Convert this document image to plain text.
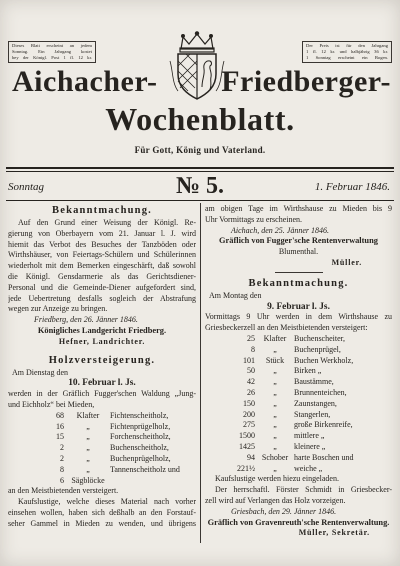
Dieses Blatt erscheint an jedem
Sonntag. Ein Jahrgang kostet
bey der Königl. Post 1 fl. 12 kr.
Der Preis ist für den Jahrgang
1 fl. 12 kr. und halbjährig 36 kr.
1 Sonntag erscheint ein Bogen.
Aichacher- Friedberger-
Wochenblatt.
Für Gott, König und Vaterland.
Sonntag	№ 5.	1. Februar 1846.
Bekanntmachung.
Auf den Grund einer Weisung der Königl. Re-
gierung von Oberbayern vom 21. Januar l. J. wird
hiemit das Verbot des Besuches der Tanzböden oder
Wirthshäuser, von Feiertags-Schülern und Schülerinnen
wiederholt mit dem Bemerken eingeschärft, daß sowohl
die Königl. Gensdarmerie als das Gerichtsdiener-
Personal und die Gemeinde-Diener aufgefordert sind,
jede Uebertretung desfalls sogleich der Abstrafung
wegen zur Anzeige zu bringen.
Friedberg, den 26. Jänner 1846.
Königliches Landgericht Friedberg.
Hefner, Landrichter.
Holzversteigerung.
Am Dienstag den
10. Februar l. Js.
werden in der Gräflich Fugger'schen Waldung „Jung-
und Eichholz“ bei Mieden,
68	Klafter	Fichtenscheitholz,
16	„	Fichtenprügelholz,
15	„	Forchenscheitholz,
2	„	Buchenscheitholz,
2	„	Buchenprügelholz,
8	„	Tannenscheitholz und
6 Sägblöcke
an den Meistbietenden versteigert.
Kaufslustige, welche dieses Material nach vorher
einsehen wollen, haben sich deßhalb an den Forstauf-
seher Gammel in Mieden zu wenden, und übrigens
am obigen Tage im Wirthshause zu Mieden bis 9
Uhr Vormittags zu erscheinen.
Aichach, den 25. Jänner 1846.
Gräflich von Fugger'sche Rentenverwaltung
Blumenthal.
Müller.
Bekanntmachung.
Am Montag den
9. Februar l. Js.
Vormittags 9 Uhr werden in dem Wirthshause zu
Griesbeckerzell an den Meistbietenden versteigert:
25	Klafter Buchenscheiter,
8	„	Buchenprügel,
101	Stück	Buchen Werkholz,
50	„	Birken „
42	„	Baustämme,
26	„	Brunnenteichen,
150	„	Zaunstangen,
200	„	Stangerlen,
275	„	große Birkenreife,
1500	„	mittlere „
1425	„	kleinere „
94 Schober harte Boschen und
221½	„	weiche „
Kaufslustige werden hiezu eingeladen.
Der herrschaftl. Förster Schmidt in Griesbecker-
zell wird auf Verlangen das Holz vorzeigen.
Griesbach, den 29. Jänner 1846.
Gräflich von Gravenreuth'sche Rentenverwaltung.
Müller, Sekretär.
